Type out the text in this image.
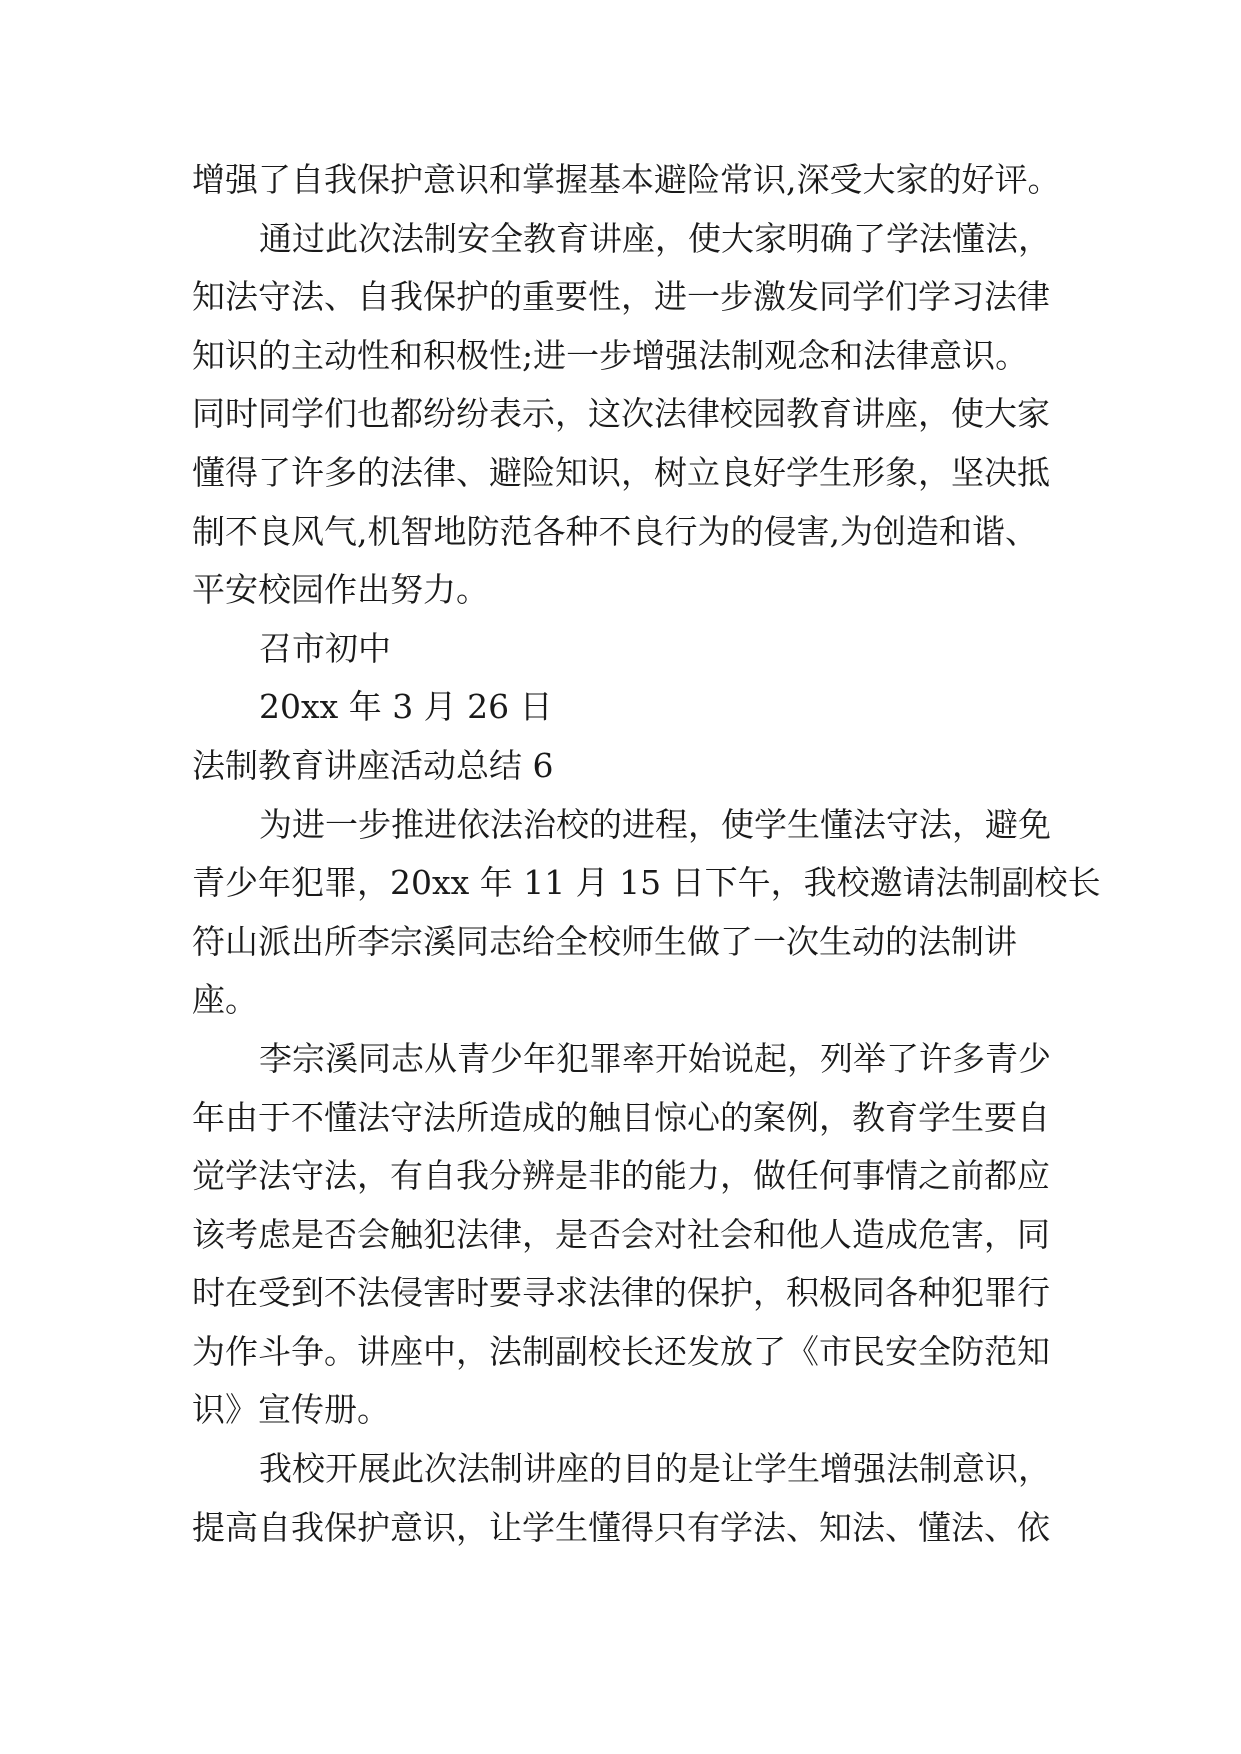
增强了自我保护意识和掌握基本避险常识,深受大家的好评。
通过此次法制安全教育讲座，使大家明确了学法懂法，
知法守法、自我保护的重要性，进一步激发同学们学习法律
知识的主动性和积极性;进一步增强法制观念和法律意识。
同时同学们也都纷纷表示，这次法律校园教育讲座，使大家
懂得了许多的法律、避险知识，树立良好学生形象，坚决抵
制不良风气,机智地防范各种不良行为的侵害,为创造和谐、
平安校园作出努力。
召市初中
20xx 年 3 月 26 日
法制教育讲座活动总结 6
为进一步推进依法治校的进程，使学生懂法守法，避免
青少年犯罪，20xx 年 11 月 15 日下午，我校邀请法制副校长
符山派出所李宗溪同志给全校师生做了一次生动的法制讲
座。
李宗溪同志从青少年犯罪率开始说起，列举了许多青少
年由于不懂法守法所造成的触目惊心的案例，教育学生要自
觉学法守法，有自我分辨是非的能力，做任何事情之前都应
该考虑是否会触犯法律，是否会对社会和他人造成危害，同
时在受到不法侵害时要寻求法律的保护，积极同各种犯罪行
为作斗争。讲座中，法制副校长还发放了《市民安全防范知
识》宣传册。
我校开展此次法制讲座的目的是让学生增强法制意识，
提高自我保护意识，让学生懂得只有学法、知法、懂法、依
